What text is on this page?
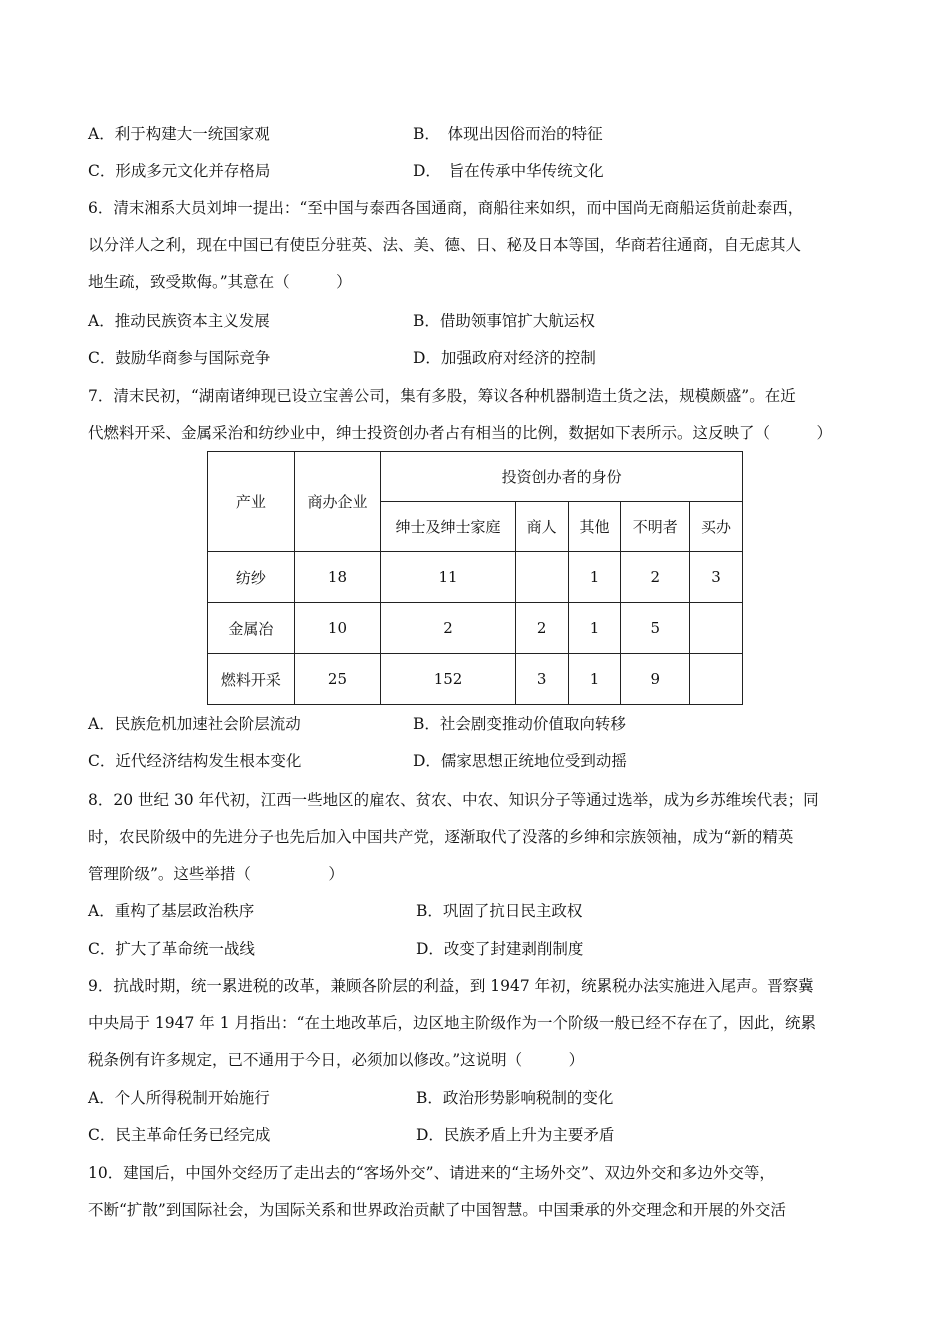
A．利于构建大一统国家观	B．　体现出因俗而治的特征
C．形成多元文化并存格局	D．　旨在传承中华传统文化
6．清末湘系大员刘坤一提出：“至中国与泰西各国通商，商船往来如织，而中国尚无商船运货前赴泰西，
以分洋人之利，现在中国已有使臣分驻英、法、美、德、日、秘及日本等国，华商若往通商，自无虑其人
地生疏，致受欺侮。”其意在（　　　）
A．推动民族资本主义发展	B．借助领事馆扩大航运权
C．鼓励华商参与国际竞争	D．加强政府对经济的控制
7．清末民初，“湖南诸绅现已设立宝善公司，集有多股，筹议各种机器制造土货之法，规模颇盛”。在近
代燃料开采、金属采治和纺纱业中，绅士投资创办者占有相当的比例，数据如下表所示。这反映了（　　　）
产业	商办企业	投资创办者的身份				
		绅士及绅士家庭	商人	其他	不明者	买办
纺纱	18	11		1	2	3
金属冶	10	2	2	1	5	
燃料开采	25	152	3	1	9	
A．民族危机加速社会阶层流动	B．社会剧变推动价值取向转移
C．近代经济结构发生根本变化	D．儒家思想正统地位受到动摇
8．20 世纪 30 年代初，江西一些地区的雇农、贫农、中农、知识分子等通过选举，成为乡苏维埃代表；同
时，农民阶级中的先进分子也先后加入中国共产党，逐渐取代了没落的乡绅和宗族领袖，成为“新的精英
管理阶级”。这些举措（　　　　　）
A．重构了基层政治秩序	B．巩固了抗日民主政权
C．扩大了革命统一战线	D．改变了封建剥削制度
9．抗战时期，统一累进税的改革，兼顾各阶层的利益，到 1947 年初，统累税办法实施进入尾声。晋察冀
中央局于 1947 年 1 月指出：“在土地改革后，边区地主阶级作为一个阶级一般已经不存在了，因此，统累
税条例有许多规定，已不通用于今日，必须加以修改。”这说明（　　　）
A．个人所得税制开始施行	B．政治形势影响税制的变化
C．民主革命任务已经完成	D．民族矛盾上升为主要矛盾
10．建国后，中国外交经历了走出去的“客场外交”、请进来的“主场外交”、双边外交和多边外交等，
不断“扩散”到国际社会，为国际关系和世界政治贡献了中国智慧。中国秉承的外交理念和开展的外交活
